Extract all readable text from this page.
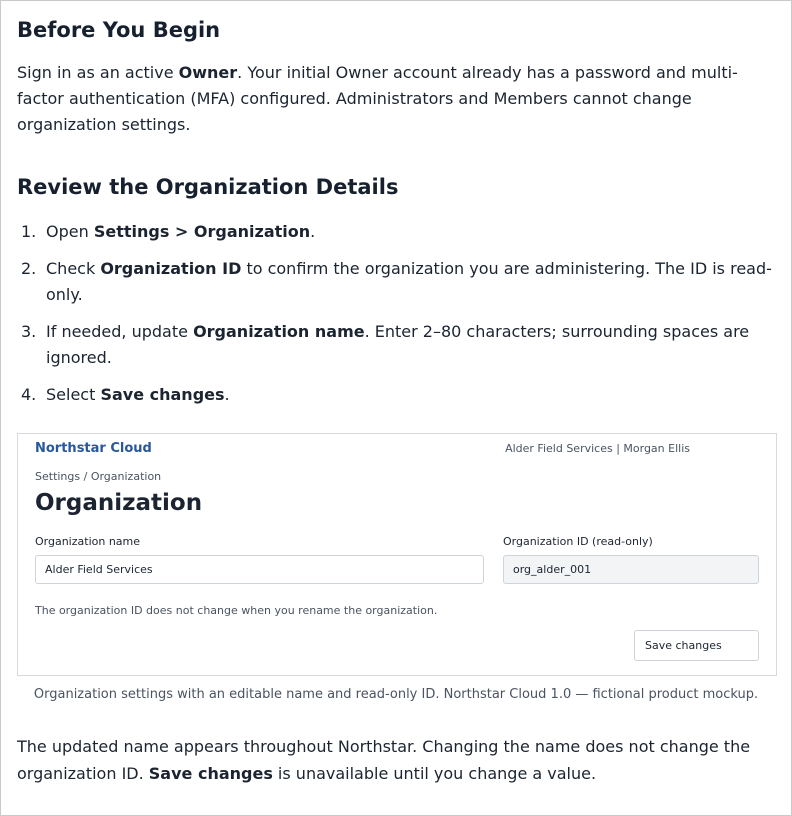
Before You Begin

Sign in as an active Owner. Your initial Owner account already has a password and multi-factor authentication (MFA) configured. Administrators and Members cannot change organization settings.

Review the Organization Details
1. Open Settings > Organization.
2. Check Organization ID to confirm the organization you are administering. The ID is read-only.
3. If needed, update Organization name. Enter 2–80 characters; surrounding spaces are ignored.
4. Select Save changes.
Northstar Cloud	Alder Field Services | Morgan Ellis
Settings / Organization
Organization
Organization name
Alder Field Services
Organization ID (read-only)
org_alder_001
The organization ID does not change when you rename the organization.
Save changes
Organization settings with an editable name and read-only ID. Northstar Cloud 1.0 — fictional product mockup.

The updated name appears throughout Northstar. Changing the name does not change the organization ID. Save changes is unavailable until you change a value.
